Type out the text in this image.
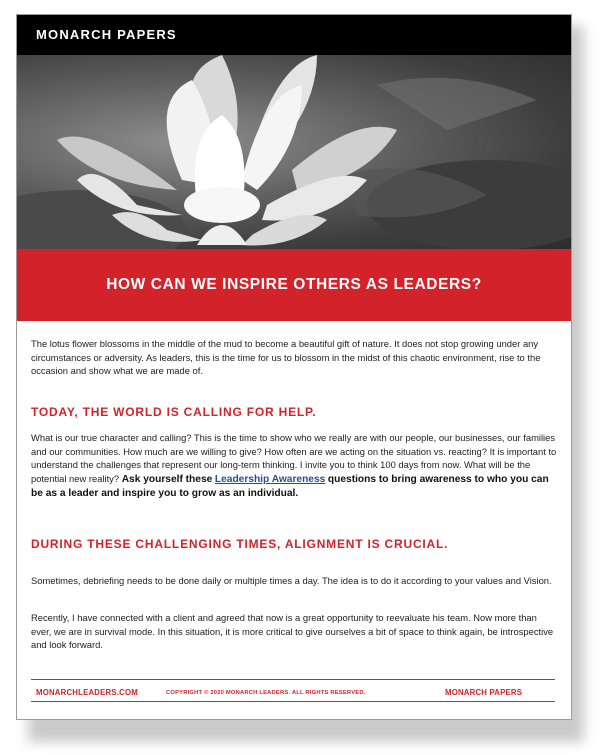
MONARCH PAPERS
HOW CAN WE INSPIRE OTHERS AS LEADERS?
The lotus flower blossoms in the middle of the mud to become a beautiful gift of nature. It does not stop growing under any circumstances or adversity. As leaders, this is the time for us to blossom in the midst of this chaotic environment, rise to the occasion and show what we are made of.
TODAY, THE WORLD IS CALLING FOR HELP.
What is our true character and calling? This is the time to show who we really are with our people, our businesses, our families and our communities. How much are we willing to give? How often are we acting on the situation vs. reacting? It is important to understand the challenges that represent our long-term thinking. I invite you to think 100 days from now. What will be the potential new reality? Ask yourself these Leadership Awareness questions to bring awareness to who you can be as a leader and inspire you to grow as an individual.
DURING THESE CHALLENGING TIMES, ALIGNMENT IS CRUCIAL.
Sometimes, debriefing needs to be done daily or multiple times a day. The idea is to do it according to your values and Vision.
Recently, I have connected with a client and agreed that now is a great opportunity to reevaluate his team. Now more than ever, we are in survival mode. In this situation, it is more critical to give ourselves a bit of space to think again, be introspective and look forward.
MONARCHLEADERS.COM	COPYRIGHT © 2020 MONARCH LEADERS. ALL RIGHTS RESERVED.	MONARCH PAPERS
